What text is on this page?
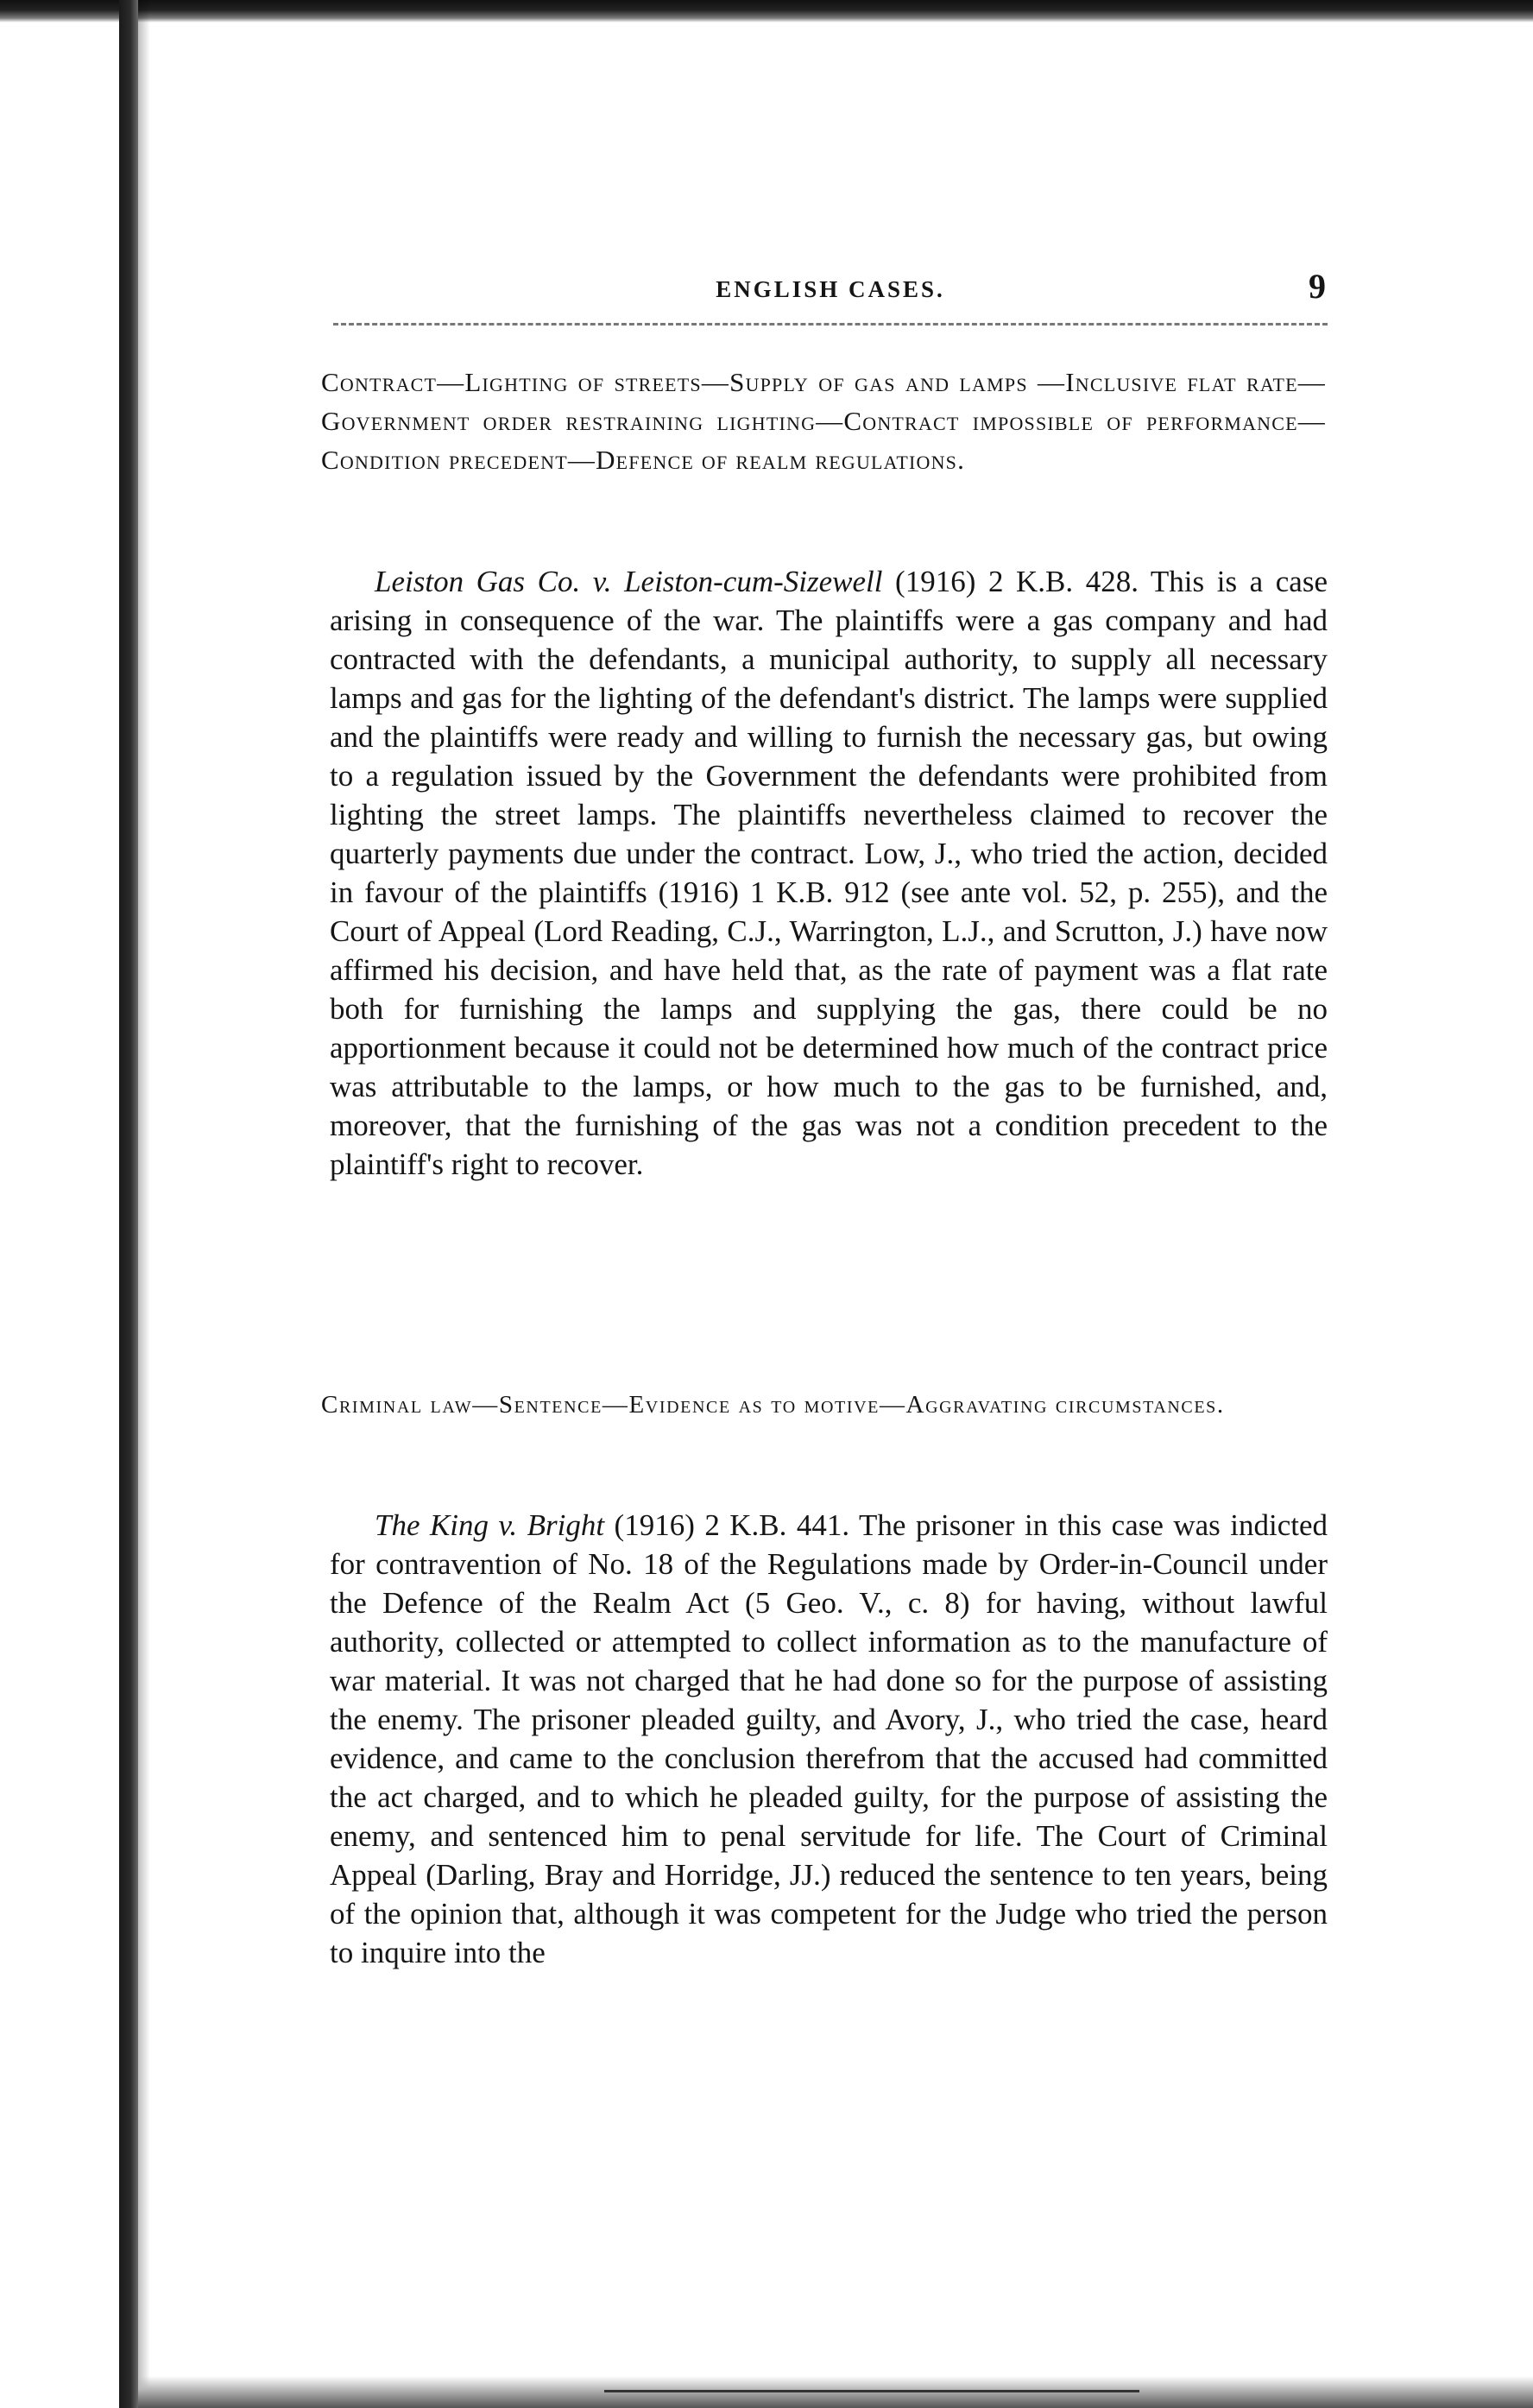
ENGLISH CASES.	9
Contract—Lighting of streets—Supply of gas and lamps —Inclusive flat rate—Government order restraining lighting—Contract impossible of performance—Condition precedent—Defence of realm regulations.

Leiston Gas Co. v. Leiston-cum-Sizewell (1916) 2 K.B. 428. This is a case arising in consequence of the war. The plaintiffs were a gas company and had contracted with the defendants, a municipal authority, to supply all necessary lamps and gas for the lighting of the defendant's district. The lamps were supplied and the plaintiffs were ready and willing to furnish the necessary gas, but owing to a regulation issued by the Government the defendants were prohibited from lighting the street lamps. The plaintiffs nevertheless claimed to recover the quarterly payments due under the contract. Low, J., who tried the action, decided in favour of the plaintiffs (1916) 1 K.B. 912 (see ante vol. 52, p. 255), and the Court of Appeal (Lord Reading, C.J., Warrington, L.J., and Scrutton, J.) have now affirmed his decision, and have held that, as the rate of payment was a flat rate both for furnishing the lamps and supplying the gas, there could be no apportionment because it could not be determined how much of the contract price was attributable to the lamps, or how much to the gas to be furnished, and, moreover, that the furnishing of the gas was not a condition precedent to the plaintiff's right to recover.

Criminal law—Sentence—Evidence as to motive—Aggravating circumstances.

The King v. Bright (1916) 2 K.B. 441. The prisoner in this case was indicted for contravention of No. 18 of the Regulations made by Order-in-Council under the Defence of the Realm Act (5 Geo. V., c. 8) for having, without lawful authority, collected or attempted to collect information as to the manufacture of war material. It was not charged that he had done so for the purpose of assisting the enemy. The prisoner pleaded guilty, and Avory, J., who tried the case, heard evidence, and came to the conclusion therefrom that the accused had committed the act charged, and to which he pleaded guilty, for the purpose of assisting the enemy, and sentenced him to penal servitude for life. The Court of Criminal Appeal (Darling, Bray and Horridge, JJ.) reduced the sentence to ten years, being of the opinion that, although it was competent for the Judge who tried the person to inquire into the
